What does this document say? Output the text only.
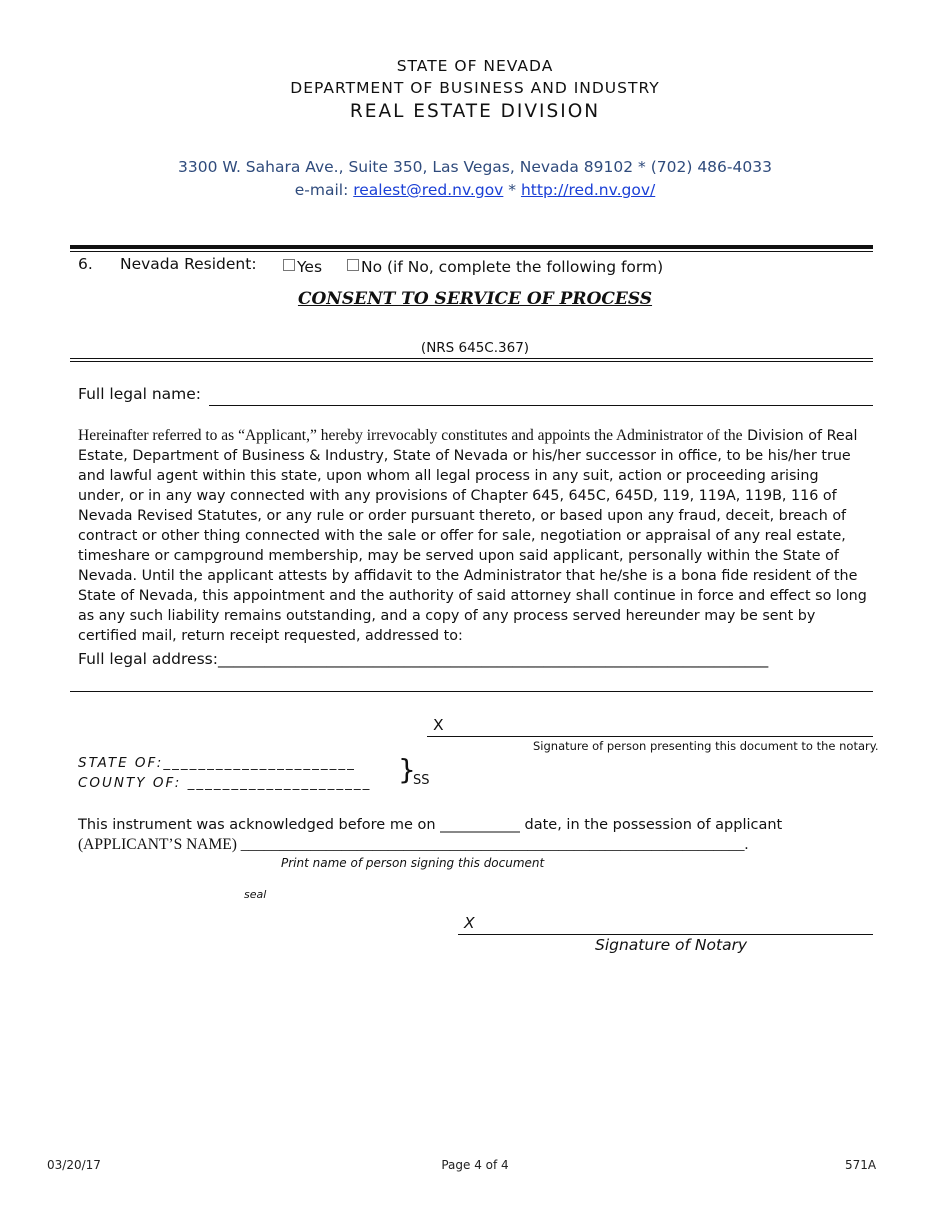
STATE OF NEVADA
DEPARTMENT OF BUSINESS AND INDUSTRY
REAL ESTATE DIVISION
3300 W. Sahara Ave., Suite 350, Las Vegas, Nevada 89102 * (702) 486-4033
e-mail: realest@red.nv.gov * http://red.nv.gov/
6. Nevada Resident:	Yes	No (if No, complete the following form)
CONSENT TO SERVICE OF PROCESS
(NRS 645C.367)
Full legal name:
Hereinafter referred to as “Applicant,” hereby irrevocably constitutes and appoints the Administrator of the Division of Real Estate, Department of Business & Industry, State of Nevada or his/her successor in office, to be his/her true and lawful agent within this state, upon whom all legal process in any suit, action or proceeding arising under, or in any way connected with any provisions of Chapter 645, 645C, 645D, 119, 119A, 119B, 116 of Nevada Revised Statutes, or any rule or order pursuant thereto, or based upon any fraud, deceit, breach of contract or other thing connected with the sale or offer for sale, negotiation or appraisal of any real estate, timeshare or campground membership, may be served upon said applicant, personally within the State of Nevada. Until the applicant attests by affidavit to the Administrator that he/she is a bona fide resident of the State of Nevada, this appointment and the authority of said attorney shall continue in force and effect so long as any such liability remains outstanding, and a copy of any process served hereunder may be sent by certified mail, return receipt requested, addressed to:
Full legal address:_______________________________________________________________________
X
Signature of person presenting this document to the notary.
STATE OF:______________________
COUNTY OF: _____________________ }
SS
This instrument was acknowledged before me on ___________ date, in the possession of applicant
(APPLICANT’S NAME) _________________________________________________________________.
Print name of person signing this document
seal
X
Signature of Notary
03/20/17	Page 4 of 4	571A
